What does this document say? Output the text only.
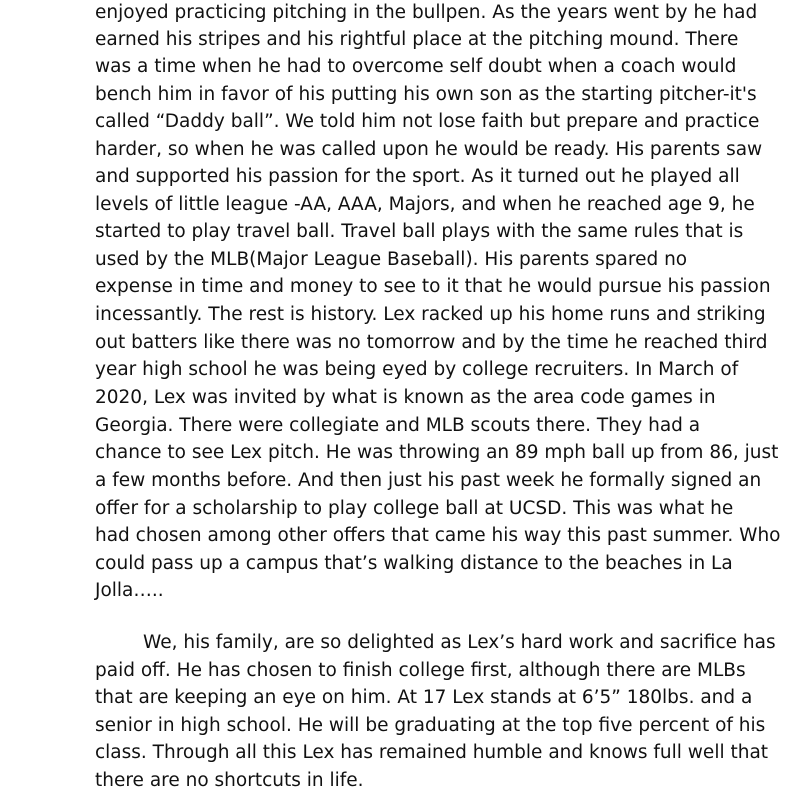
enjoyed practicing pitching in the bullpen. As the years went by he had
earned his stripes and his rightful place at the pitching mound. There
was a time when he had to overcome self doubt when a coach would
bench him in favor of his putting his own son as the starting pitcher-it's
called “Daddy ball”. We told him not lose faith but prepare and practice
harder, so when he was called upon he would be ready. His parents saw
and supported his passion for the sport. As it turned out he played all
levels of little league -AA, AAA, Majors, and when he reached age 9, he
started to play travel ball. Travel ball plays with the same rules that is
used by the MLB(Major League Baseball). His parents spared no
expense in time and money to see to it that he would pursue his passion
incessantly. The rest is history. Lex racked up his home runs and striking
out batters like there was no tomorrow and by the time he reached third
year high school he was being eyed by college recruiters. In March of
2020, Lex was invited by what is known as the area code games in
Georgia. There were collegiate and MLB scouts there. They had a
chance to see Lex pitch. He was throwing an 89 mph ball up from 86, just
a few months before. And then just his past week he formally signed an
offer for a scholarship to play college ball at UCSD. This was what he
had chosen among other offers that came his way this past summer. Who
could pass up a campus that’s walking distance to the beaches in La
Jolla…..
We, his family, are so delighted as Lex’s hard work and sacrifice has
paid off. He has chosen to finish college first, although there are MLBs
that are keeping an eye on him. At 17 Lex stands at 6’5” 180lbs. and a
senior in high school. He will be graduating at the top five percent of his
class. Through all this Lex has remained humble and knows full well that
there are no shortcuts in life.
